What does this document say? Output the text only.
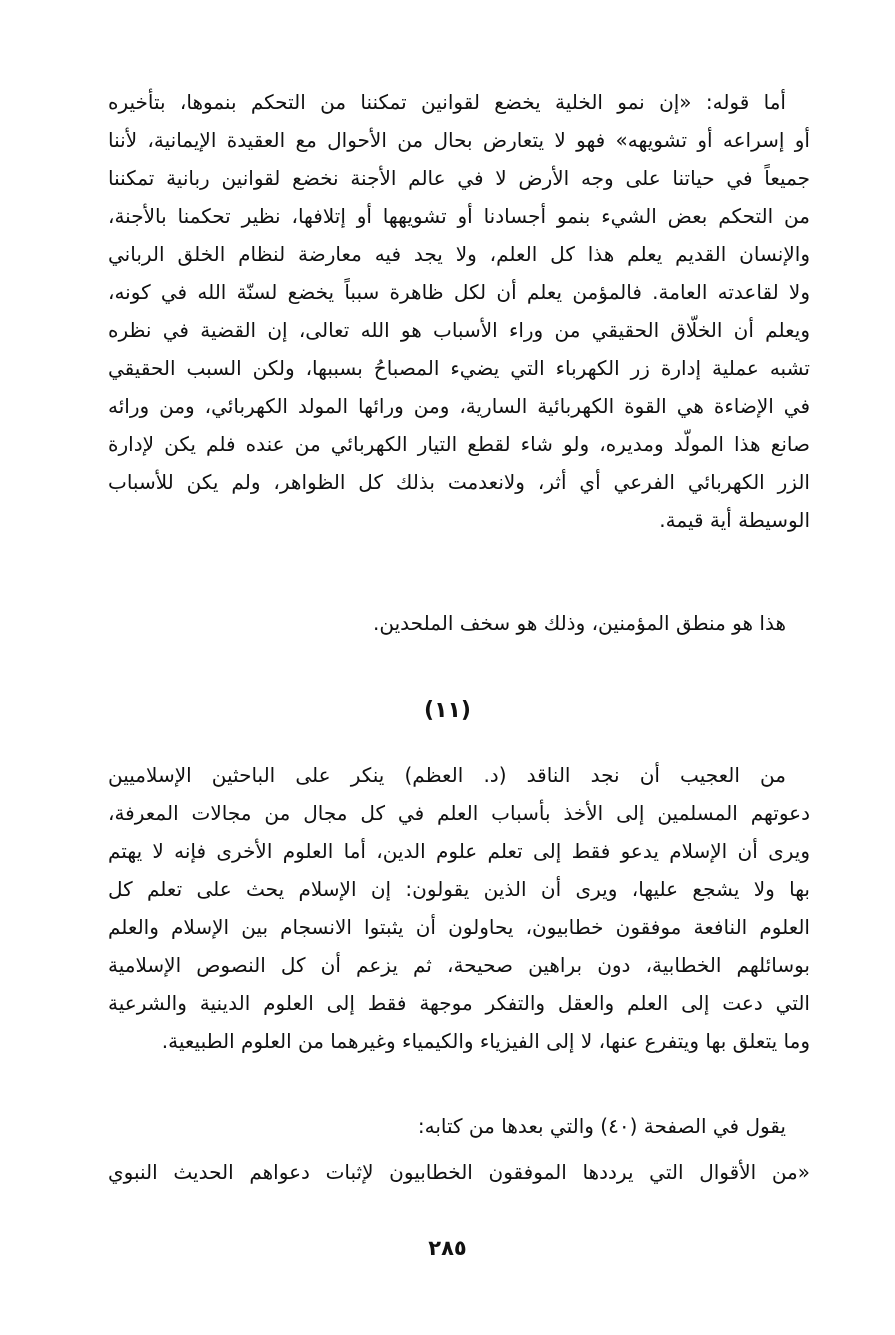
أما قوله: «إن نمو الخلية يخضع لقوانين تمكننا من التحكم بنموها، بتأخيره
أو إسراعه أو تشويهه» فهو لا يتعارض بحال من الأحوال مع العقيدة الإيمانية، لأننا
جميعاً في حياتنا على وجه الأرض لا في عالم الأجنة نخضع لقوانين ربانية تمكننا
من التحكم بعض الشيء بنمو أجسادنا أو تشويهها أو إتلافها، نظير تحكمنا بالأجنة،
والإنسان القديم يعلم هذا كل العلم، ولا يجد فيه معارضة لنظام الخلق الرباني
ولا لقاعدته العامة. فالمؤمن يعلم أن لكل ظاهرة سبباً يخضع لسنّة الله في كونه،
ويعلم أن الخلّاق الحقيقي من وراء الأسباب هو الله تعالى، إن القضية في نظره
تشبه عملية إدارة زر الكهرباء التي يضيء المصباحُ بسببها، ولكن السبب الحقيقي
في الإضاءة هي القوة الكهربائية السارية، ومن ورائها المولد الكهربائي، ومن ورائه
صانع هذا المولّد ومديره، ولو شاء لقطع التيار الكهربائي من عنده فلم يكن لإدارة
الزر الكهربائي الفرعي أي أثر، ولانعدمت بذلك كل الظواهر، ولم يكن للأسباب
الوسيطة أية قيمة.
هذا هو منطق المؤمنين، وذلك هو سخف الملحدين.
(١١)
من العجيب أن نجد الناقد (د. العظم) ينكر على الباحثين الإسلاميين
دعوتهم المسلمين إلى الأخذ بأسباب العلم في كل مجال من مجالات المعرفة،
ويرى أن الإسلام يدعو فقط إلى تعلم علوم الدين، أما العلوم الأخرى فإنه لا يهتم
بها ولا يشجع عليها، ويرى أن الذين يقولون: إن الإسلام يحث على تعلم كل
العلوم النافعة موفقون خطابيون، يحاولون أن يثبتوا الانسجام بين الإسلام والعلم
بوسائلهم الخطابية، دون براهين صحيحة، ثم يزعم أن كل النصوص الإسلامية
التي دعت إلى العلم والعقل والتفكر موجهة فقط إلى العلوم الدينية والشرعية
وما يتعلق بها ويتفرع عنها، لا إلى الفيزياء والكيمياء وغيرهما من العلوم الطبيعية.
يقول في الصفحة (٤٠) والتي بعدها من كتابه:
«من الأقوال التي يرددها الموفقون الخطابيون لإثبات دعواهم الحديث النبوي
٢٨٥
